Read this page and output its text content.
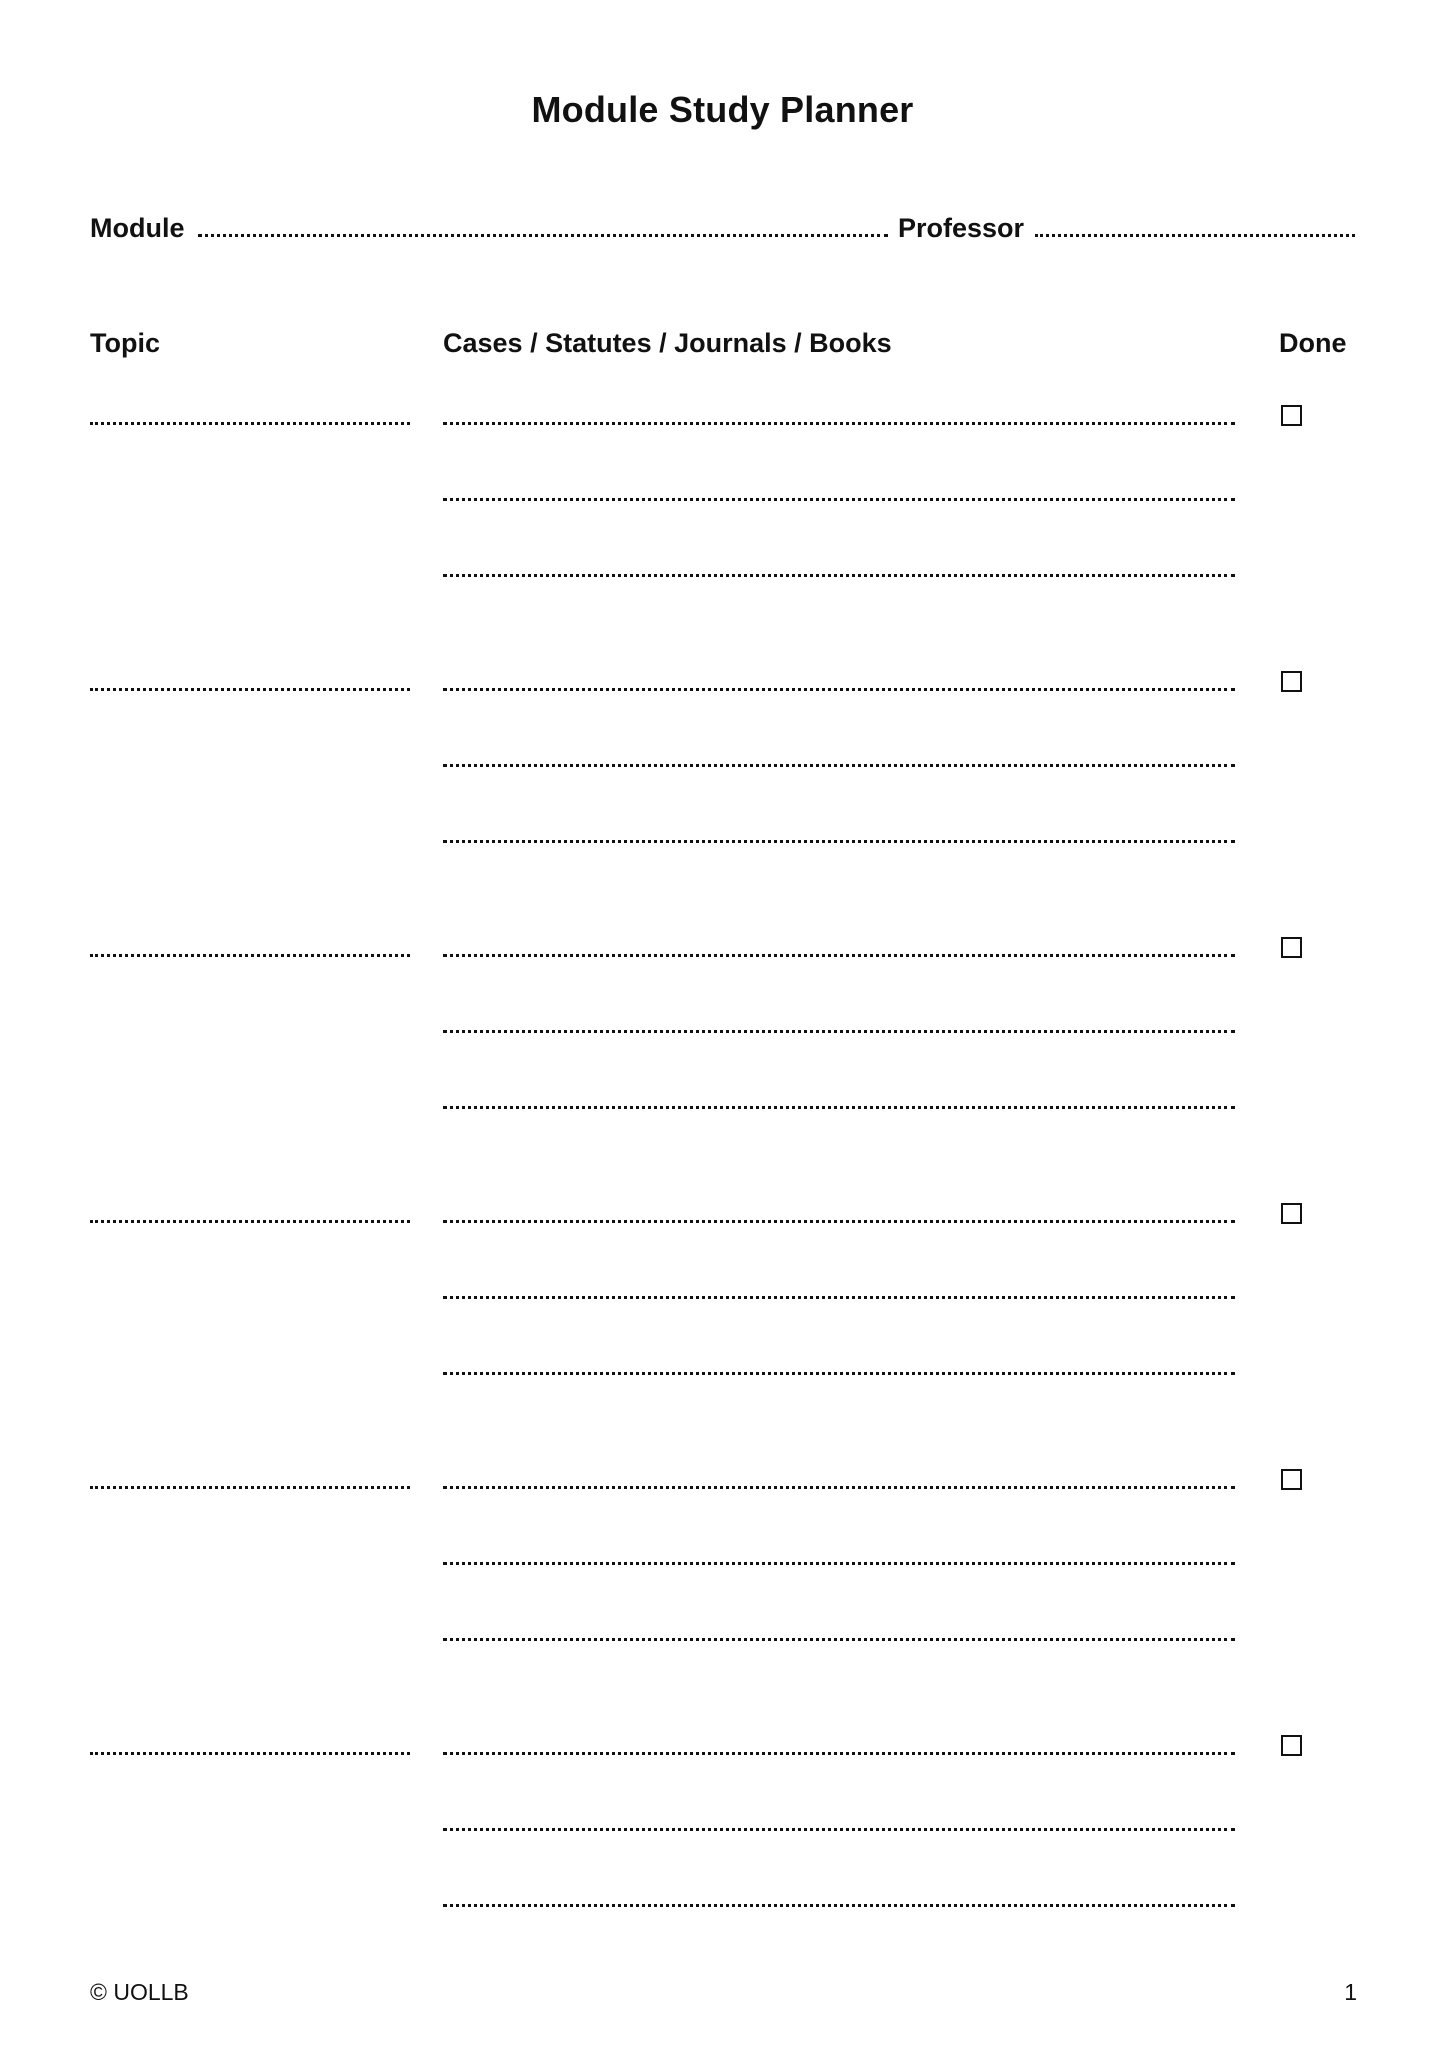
Module Study Planner
Module	Professor
Topic	Cases / Statutes / Journals / Books	Done
© UOLLB	1
